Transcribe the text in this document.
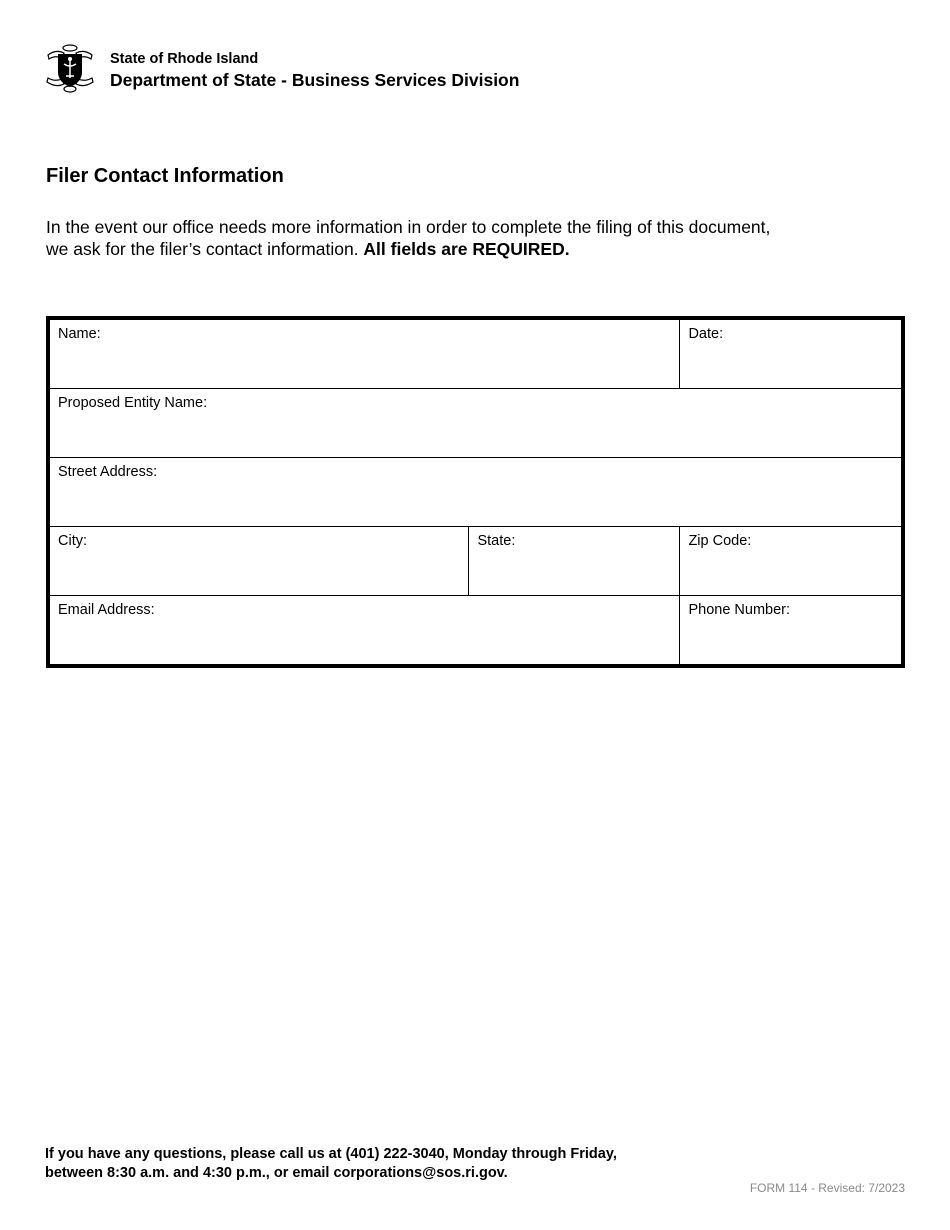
State of Rhode Island
Department of State - Business Services Division
Filer Contact Information
In the event our office needs more information in order to complete the filing of this document, we ask for the filer’s contact information. All fields are REQUIRED.
Name:		Date:

Proposed Entity Name:		

Street Address:		

City:	State:	Zip Code:

Email Address:		Phone Number:
If you have any questions, please call us at (401) 222-3040, Monday through Friday,
between 8:30 a.m. and 4:30 p.m., or email corporations@sos.ri.gov.
FORM 114 - Revised: 7/2023
